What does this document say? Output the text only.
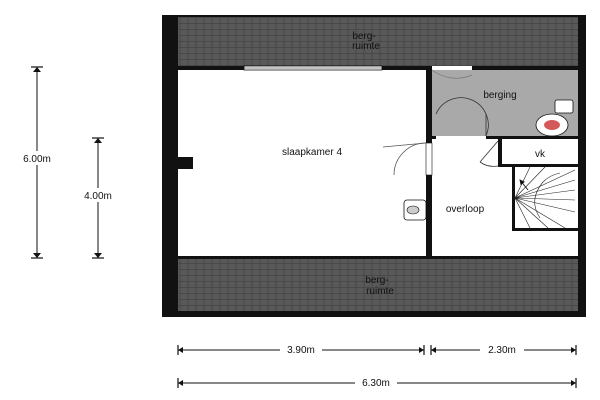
berg-
ruimte
slaapkamer 4
berging
vk
overloop
berg-
ruimte
6.00m
4.00m
3.90m	2.30m
6.30m
